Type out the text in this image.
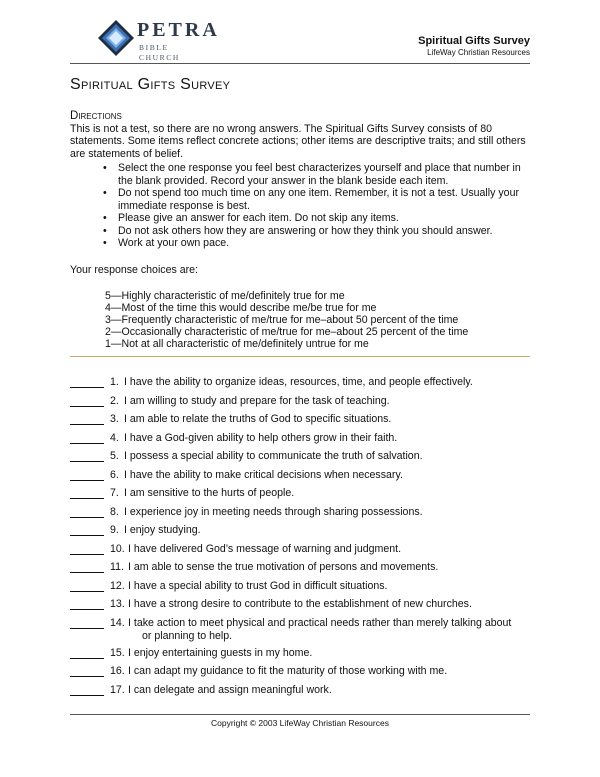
PETRA
BIBLE CHURCH
Spiritual Gifts Survey
LifeWay Christian Resources
Spiritual Gifts Survey
Directions

This is not a test, so there are no wrong answers. The Spiritual Gifts Survey consists of 80 statements. Some items reflect concrete actions; other items are descriptive traits; and still others are statements of belief.

• Select the one response you feel best characterizes yourself and place that number in the blank provided. Record your answer in the blank beside each item.
• Do not spend too much time on any one item. Remember, it is not a test. Usually your immediate response is best.
• Please give an answer for each item. Do not skip any items.
• Do not ask others how they are answering or how they think you should answer.
• Work at your own pace.
Your response choices are:
5—Highly characteristic of me/definitely true for me
4—Most of the time this would describe me/be true for me
3—Frequently characteristic of me/true for me–about 50 percent of the time
2—Occasionally characteristic of me/true for me–about 25 percent of the time
1—Not at all characteristic of me/definitely untrue for me
1. I have the ability to organize ideas, resources, time, and people effectively.
2. I am willing to study and prepare for the task of teaching.
3. I am able to relate the truths of God to specific situations.
4. I have a God-given ability to help others grow in their faith.
5. I possess a special ability to communicate the truth of salvation.
6. I have the ability to make critical decisions when necessary.
7. I am sensitive to the hurts of people.
8. I experience joy in meeting needs through sharing possessions.
9. I enjoy studying.
10. I have delivered God’s message of warning and judgment.
11. I am able to sense the true motivation of persons and movements.
12. I have a special ability to trust God in difficult situations.
13. I have a strong desire to contribute to the establishment of new churches.
14. I take action to meet physical and practical needs rather than merely talking about
or planning to help.
15. I enjoy entertaining guests in my home.
16. I can adapt my guidance to fit the maturity of those working with me.
17. I can delegate and assign meaningful work.
Copyright © 2003 LifeWay Christian Resources
